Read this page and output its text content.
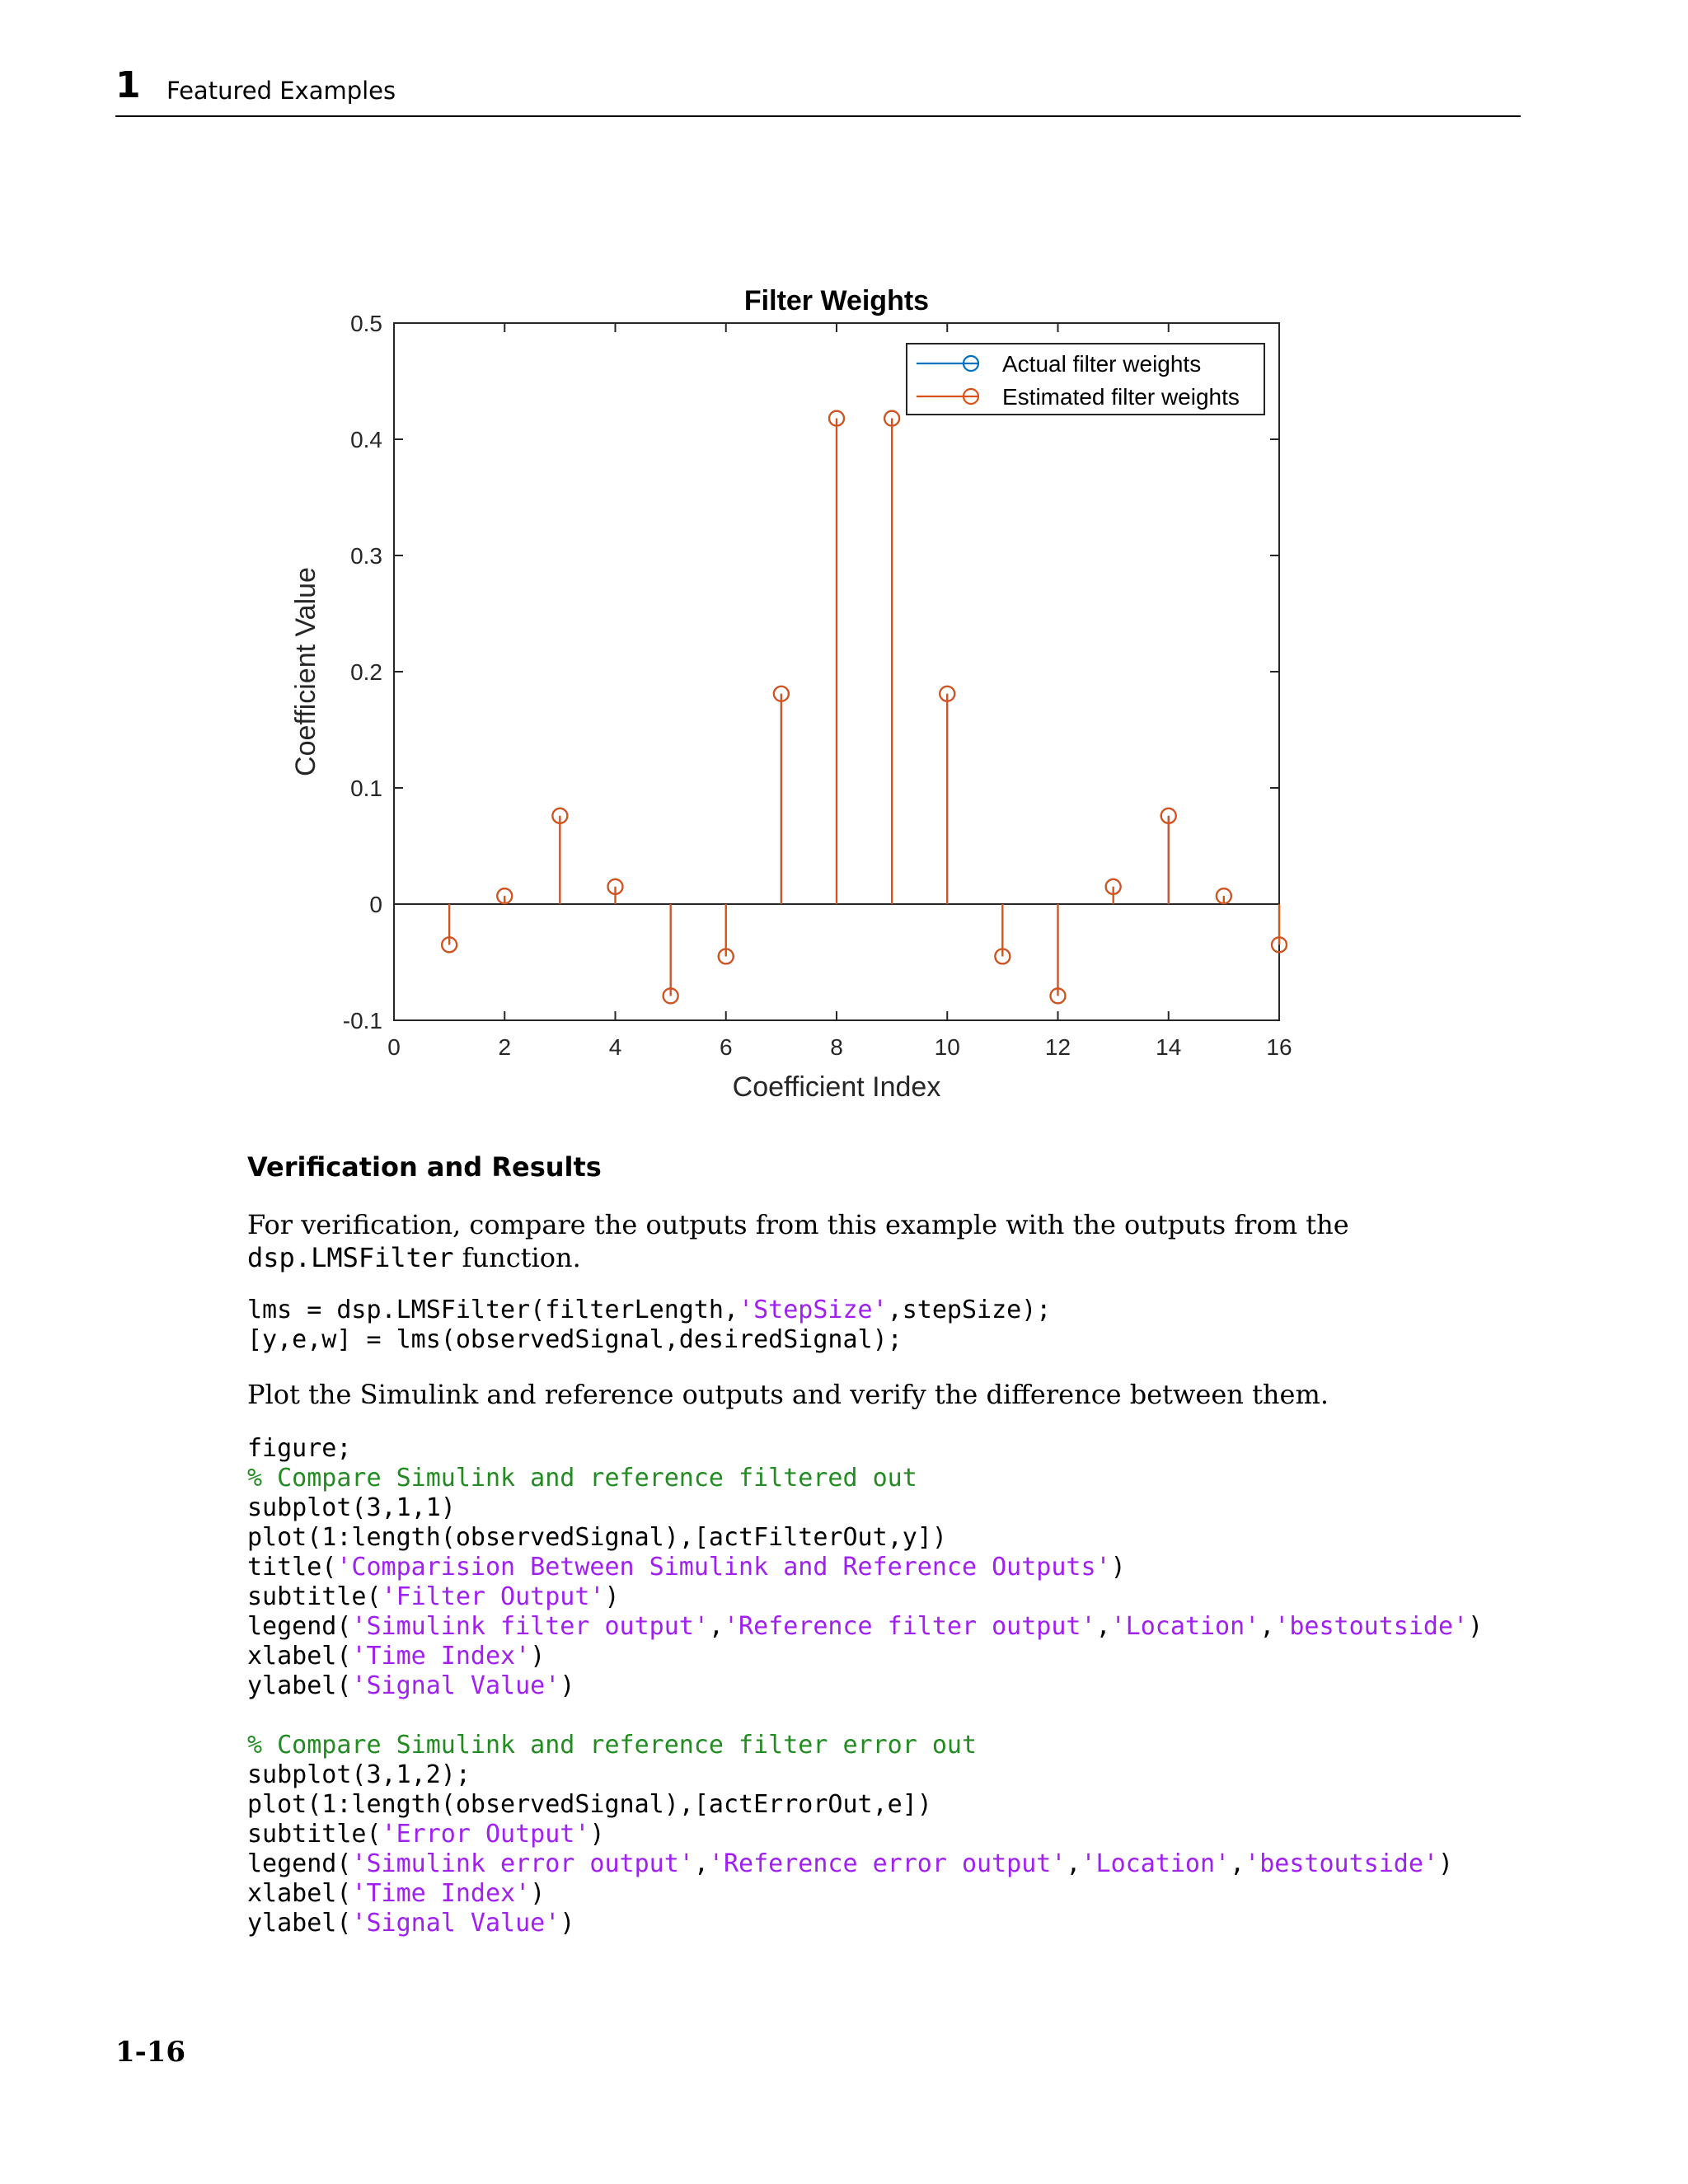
1 Featured Examples
0	2	4	6	8	10	12	14	16
-0.1
0
0.1
0.2
0.3
0.4
0.5
Filter Weights
Coefficient Index
Coefficient Value
Actual filter weights
Estimated filter weights
Verification and Results
For verification, compare the outputs from this example with the outputs from the dsp.LMSFilter function.
lms = dsp.LMSFilter(filterLength,'StepSize',stepSize);
[y,e,w] = lms(observedSignal,desiredSignal);
Plot the Simulink and reference outputs and verify the difference between them.
figure;
% Compare Simulink and reference filtered out
subplot(3,1,1)
plot(1:length(observedSignal),[actFilterOut,y])
title('Comparision Between Simulink and Reference Outputs')
subtitle('Filter Output')
legend('Simulink filter output','Reference filter output','Location','bestoutside')
xlabel('Time Index')
ylabel('Signal Value')
% Compare Simulink and reference filter error out
subplot(3,1,2);
plot(1:length(observedSignal),[actErrorOut,e])
subtitle('Error Output')
legend('Simulink error output','Reference error output','Location','bestoutside')
xlabel('Time Index')
ylabel('Signal Value')
1-16
